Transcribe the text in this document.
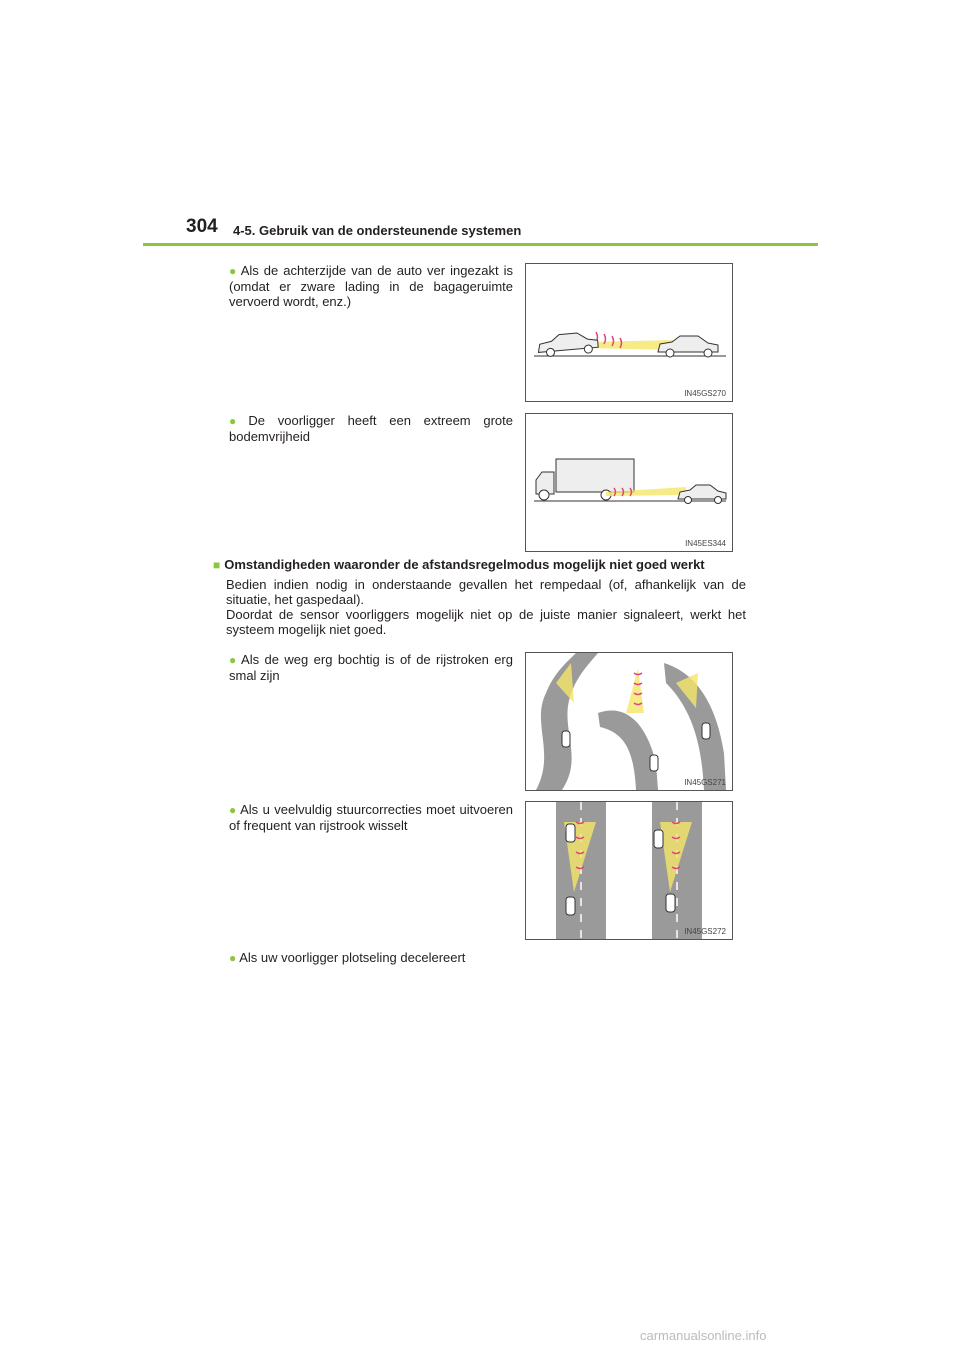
304 4-5. Gebruik van de ondersteunende systemen
● Als de achterzijde van de auto ver ingezakt is (omdat er zware lading in de bagageruimte vervoerd wordt, enz.)
IN45GS270
● De voorligger heeft een extreem grote bodemvrijheid
IN45ES344
■ Omstandigheden waaronder de afstandsregelmodus mogelijk niet goed werkt
Bedien indien nodig in onderstaande gevallen het rempedaal (of, afhankelijk van de situatie, het gaspedaal).
Doordat de sensor voorliggers mogelijk niet op de juiste manier signaleert, werkt het systeem mogelijk niet goed.
● Als de weg erg bochtig is of de rijstroken erg smal zijn
IN45GS271
● Als u veelvuldig stuurcorrecties moet uitvoeren of frequent van rijstrook wisselt
IN45GS272
● Als uw voorligger plotseling decelereert
carmanualsonline.info
